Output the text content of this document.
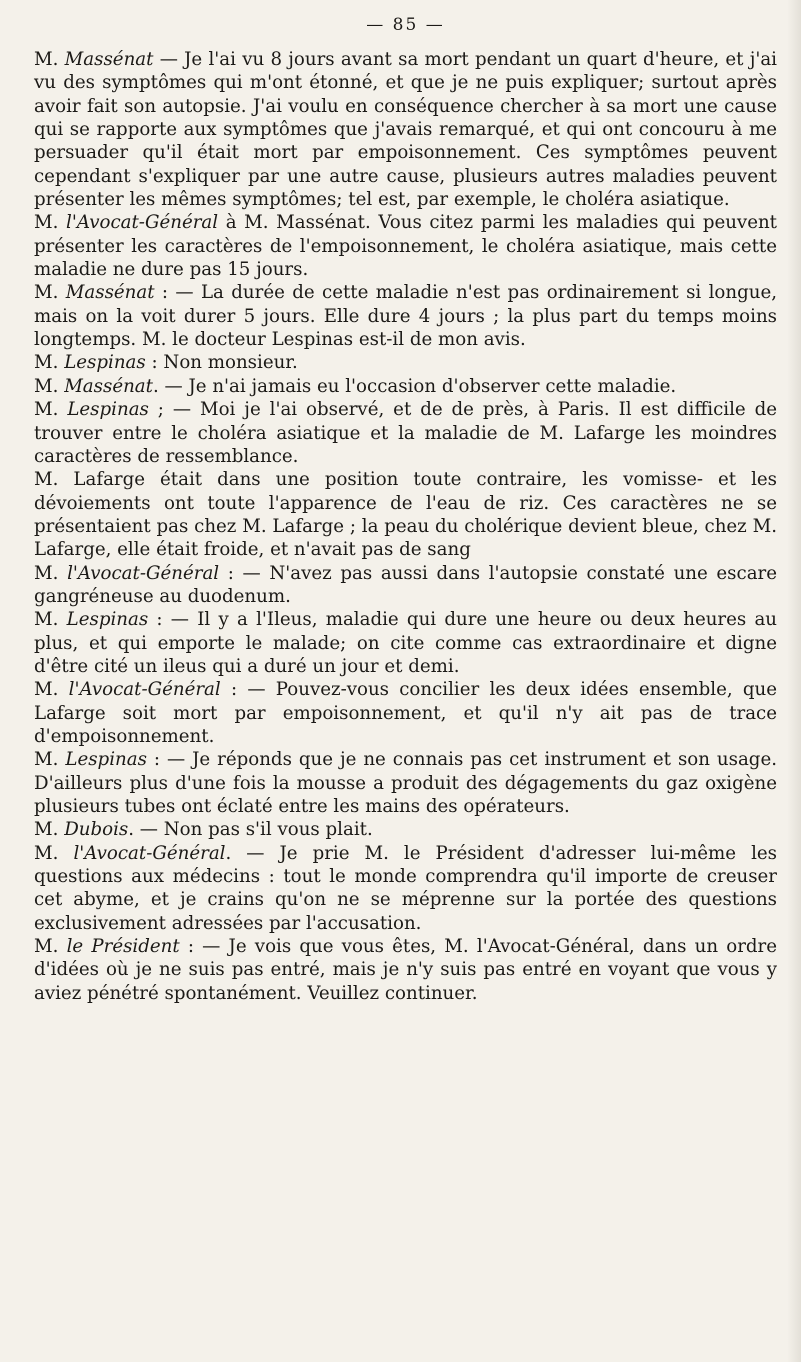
— 85 —

M. Massénat — Je l'ai vu 8 jours avant sa mort pendant un quart d'heure, et j'ai vu des symptômes qui m'ont étonné, et que je ne puis expliquer; surtout après avoir fait son autopsie. J'ai voulu en conséquence chercher à sa mort une cause qui se rapporte aux symptômes que j'avais remarqué, et qui ont concouru à me persuader qu'il était mort par empoisonnement. Ces symptômes peuvent cependant s'expliquer par une autre cause, plusieurs autres maladies peuvent présenter les mêmes symptômes; tel est, par exemple, le choléra asiatique.

M. l'Avocat-Général à M. Massénat. Vous citez parmi les maladies qui peuvent présenter les caractères de l'empoisonnement, le choléra asiatique, mais cette maladie ne dure pas 15 jours.

M. Massénat : — La durée de cette maladie n'est pas ordinairement si longue, mais on la voit durer 5 jours. Elle dure 4 jours ; la plus part du temps moins longtemps. M. le docteur Lespinas est-il de mon avis.

M. Lespinas : Non monsieur.

M. Massénat. — Je n'ai jamais eu l'occasion d'observer cette maladie.

M. Lespinas ; — Moi je l'ai observé, et de de près, à Paris. Il est difficile de trouver entre le choléra asiatique et la maladie de M. Lafarge les moindres caractères de ressemblance.

M. Lafarge était dans une position toute contraire, les vomisse- et les dévoiements ont toute l'apparence de l'eau de riz. Ces caractères ne se présentaient pas chez M. Lafarge ; la peau du cholérique devient bleue, chez M. Lafarge, elle était froide, et n'avait pas de sang

M. l'Avocat-Général : — N'avez pas aussi dans l'autopsie constaté une escare gangréneuse au duodenum.

M. Lespinas : — Il y a l'Ileus, maladie qui dure une heure ou deux heures au plus, et qui emporte le malade; on cite comme cas extraordinaire et digne d'être cité un ileus qui a duré un jour et demi.

M. l'Avocat-Général : — Pouvez-vous concilier les deux idées ensemble, que Lafarge soit mort par empoisonnement, et qu'il n'y ait pas de trace d'empoisonnement.

M. Lespinas : — Je réponds que je ne connais pas cet instrument et son usage. D'ailleurs plus d'une fois la mousse a produit des dégagements du gaz oxigène plusieurs tubes ont éclaté entre les mains des opérateurs.

M. Dubois. — Non pas s'il vous plait.

M. l'Avocat-Général. — Je prie M. le Président d'adresser lui-même les questions aux médecins : tout le monde comprendra qu'il importe de creuser cet abyme, et je crains qu'on ne se méprenne sur la portée des questions exclusivement adressées par l'accusation.

M. le Président : — Je vois que vous êtes, M. l'Avocat-Général, dans un ordre d'idées où je ne suis pas entré, mais je n'y suis pas entré en voyant que vous y aviez pénétré spontanément. Veuillez continuer.
